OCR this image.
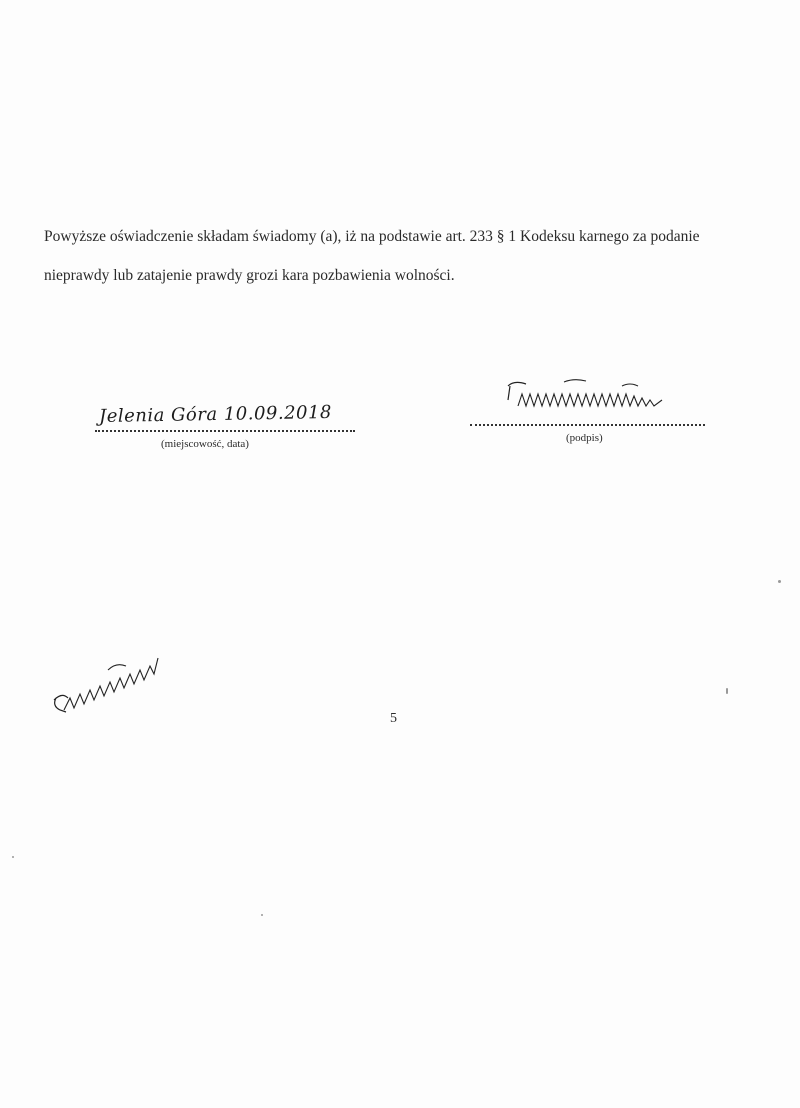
Powyższe oświadczenie składam świadomy (a), iż na podstawie art. 233 § 1 Kodeksu karnego za podanie
nieprawdy lub zatajenie prawdy grozi kara pozbawienia wolności.
Jelenia Góra 10.09.2018
(miejscowość, data)	(podpis)
5
